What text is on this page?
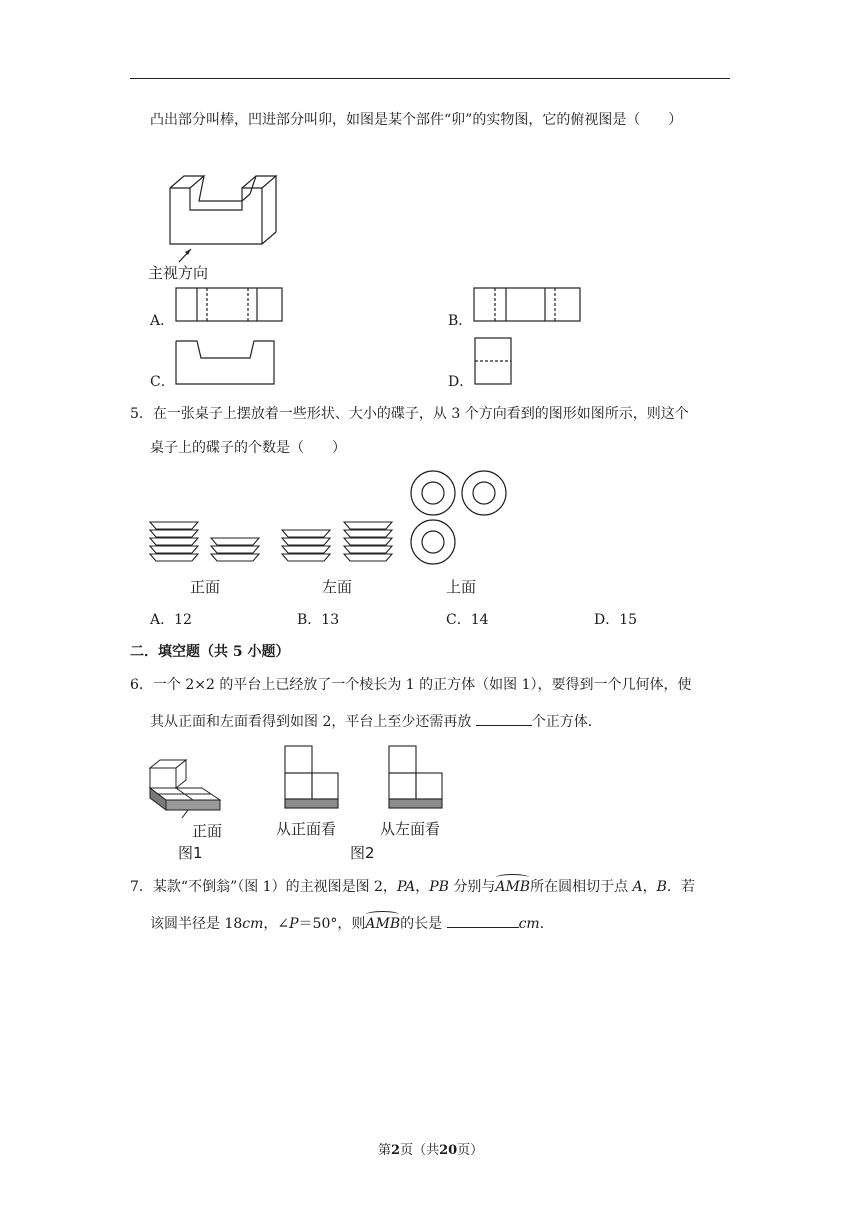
凸出部分叫棒，凹进部分叫卯，如图是某个部件“卯”的实物图，它的俯视图是（　　）
主视方向
A．	B．
C．	D．
5．在一张桌子上摆放着一些形状、大小的碟子，从 3 个方向看到的图形如图所示，则这个
桌子上的碟子的个数是（　　）
正面	左面	上面
A．12	B．13	C．14	D．15
二．填空题（共 5 小题）
6．一个 2×2 的平台上已经放了一个棱长为 1 的正方体（如图 1），要得到一个几何体，使
其从正面和左面看得到如图 2，平台上至少还需再放	个正方体．
正面
图1
从正面看	从左面看
图2
7．某款“不倒翁”（图 1）的主视图是图 2，PA，PB 分别与AMB所在圆相切于点 A，B．若
该圆半径是 18cm，∠P＝50°，则AMB的长是	cm．
第2页（共20页）
